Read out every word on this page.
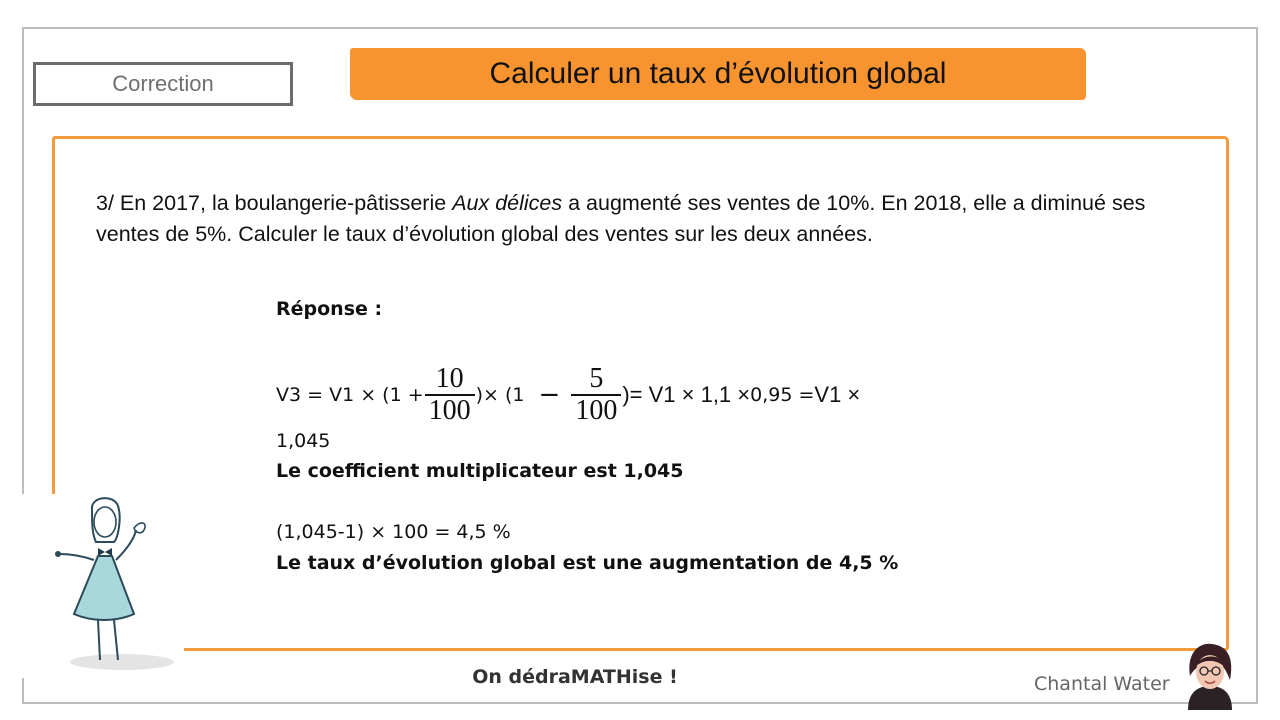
Correction	Calculer un taux d’évolution global
3/ En 2017, la boulangerie-pâtisserie Aux délices a augmenté ses ventes de 10%. En 2018, elle a diminué ses ventes de 5%. Calculer le taux d’évolution global des ventes sur les deux années.
Réponse :
$V3 = V1 \times (1 + \frac{10}{100}$ )× ($1 - \frac{5}{100}$ )= V1 × 1,1 × 0,95 = V1 ×
1,045
Le coefficient multiplicateur est 1,045
(1,045-1) × 100 = 4,5 %
Le taux d’évolution global est une augmentation de 4,5 %
On dédraMATHise !	Chantal Water
